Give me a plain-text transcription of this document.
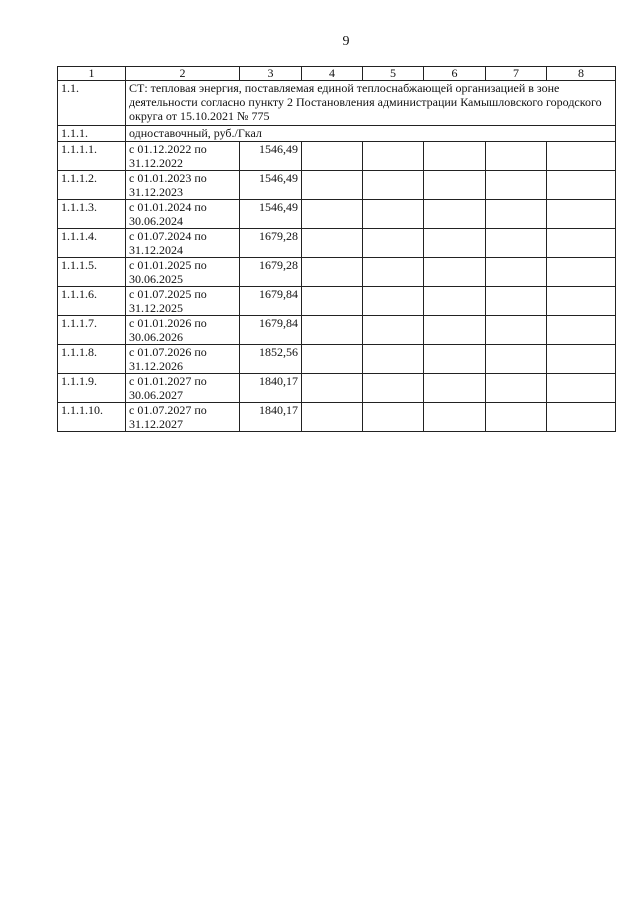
9
1	2	3	4	5	6	7	8
1.1.	СТ: тепловая энергия, поставляемая единой теплоснабжающей организацией в зоне деятельности согласно пункту 2 Постановления администрации Камышловского городского округа от 15.10.2021 № 775						
1.1.1.	одноставочный, руб./Гкал						
1.1.1.1.	с 01.12.2022 по 31.12.2022	1546,49					
1.1.1.2.	с 01.01.2023 по 31.12.2023	1546,49					
1.1.1.3.	с 01.01.2024 по 30.06.2024	1546,49					
1.1.1.4.	с 01.07.2024 по 31.12.2024	1679,28					
1.1.1.5.	с 01.01.2025 по 30.06.2025	1679,28					
1.1.1.6.	с 01.07.2025 по 31.12.2025	1679,84					
1.1.1.7.	с 01.01.2026 по 30.06.2026	1679,84					
1.1.1.8.	с 01.07.2026 по 31.12.2026	1852,56					
1.1.1.9.	с 01.01.2027 по 30.06.2027	1840,17					
1.1.1.10.	с 01.07.2027 по 31.12.2027	1840,17					
